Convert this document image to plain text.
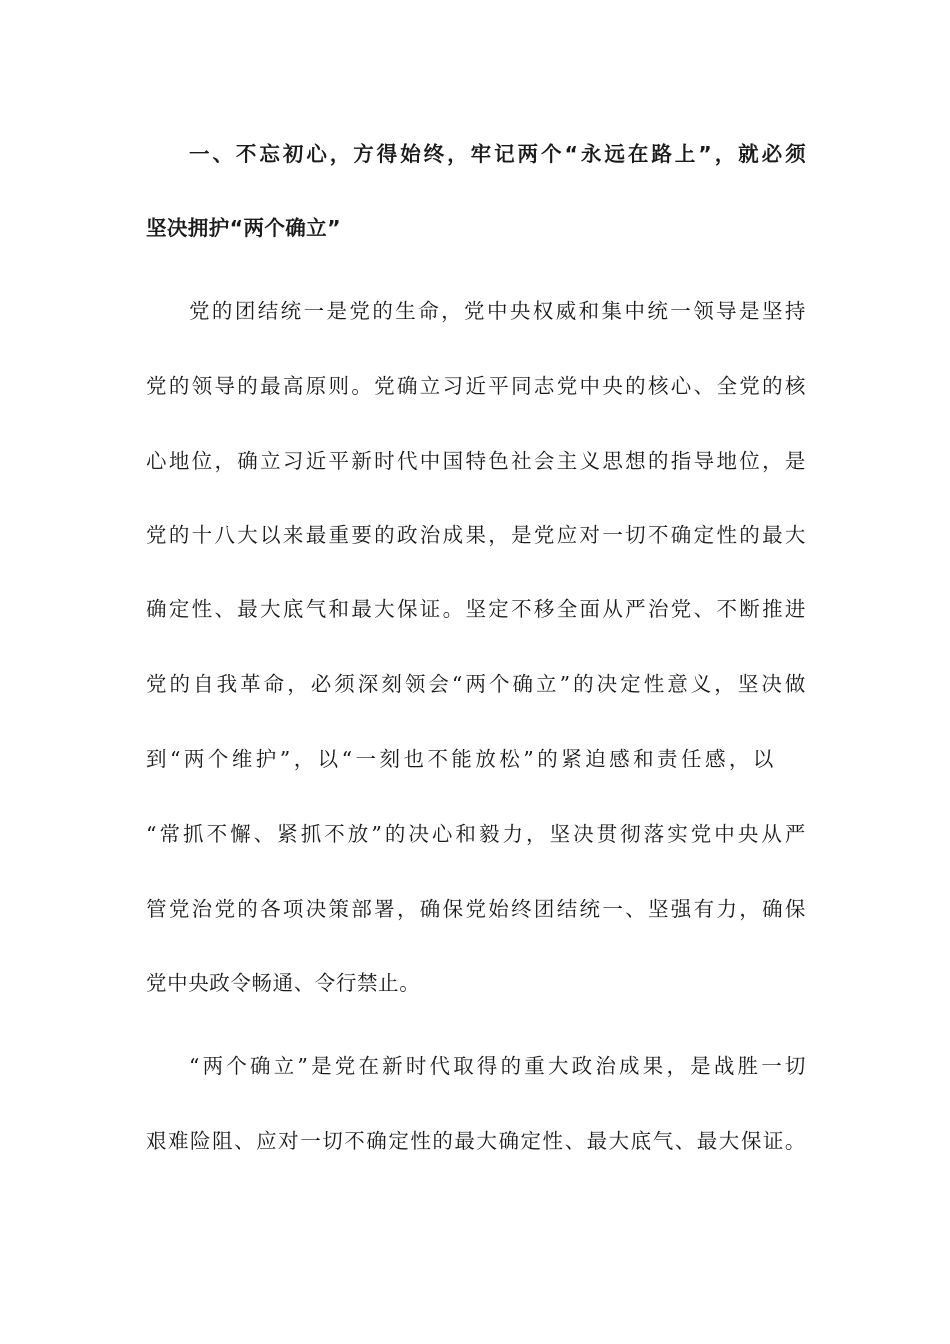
一、不忘初心，方得始终，牢记两个“永远在路上”，就必须
坚决拥护“两个确立”
党的团结统一是党的生命，党中央权威和集中统一领导是坚持
党的领导的最高原则。党确立习近平同志党中央的核心、全党的核
心地位，确立习近平新时代中国特色社会主义思想的指导地位，是
党的十八大以来最重要的政治成果，是党应对一切不确定性的最大
确定性、最大底气和最大保证。坚定不移全面从严治党、不断推进
党的自我革命，必须深刻领会“两个确立”的决定性意义，坚决做
到“两个维护”，以“一刻也不能放松”的紧迫感和责任感，以
“常抓不懈、紧抓不放”的决心和毅力，坚决贯彻落实党中央从严
管党治党的各项决策部署，确保党始终团结统一、坚强有力，确保
党中央政令畅通、令行禁止。
“两个确立”是党在新时代取得的重大政治成果，是战胜一切
艰难险阻、应对一切不确定性的最大确定性、最大底气、最大保证。
